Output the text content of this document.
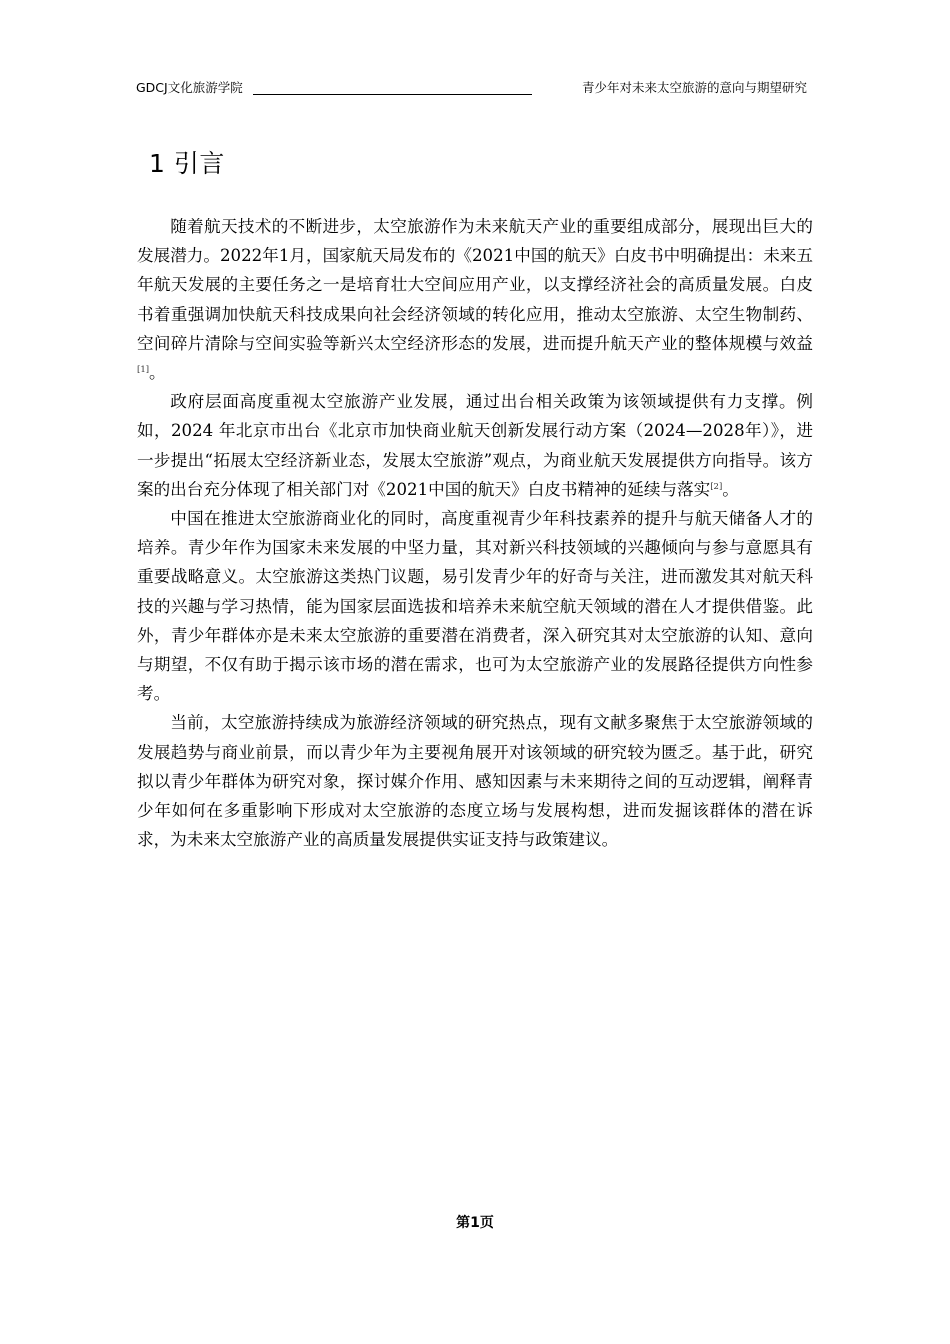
GDCJ文化旅游学院	青少年对未来太空旅游的意向与期望研究
1 引言

随着航天技术的不断进步，太空旅游作为未来航天产业的重要组成部分，展现出巨大的发展潜力。2022年1月，国家航天局发布的《2021中国的航天》白皮书中明确提出：未来五年航天发展的主要任务之一是培育壮大空间应用产业，以支撑经济社会的高质量发展。白皮书着重强调加快航天科技成果向社会经济领域的转化应用，推动太空旅游、太空生物制药、空间碎片清除与空间实验等新兴太空经济形态的发展，进而提升航天产业的整体规模与效益[1]。

政府层面高度重视太空旅游产业发展，通过出台相关政策为该领域提供有力支撑。例如，2024 年北京市出台《北京市加快商业航天创新发展行动方案（2024—2028年）》，进一步提出“拓展太空经济新业态，发展太空旅游”观点，为商业航天发展提供方向指导。该方案的出台充分体现了相关部门对《2021中国的航天》白皮书精神的延续与落实[2]。

中国在推进太空旅游商业化的同时，高度重视青少年科技素养的提升与航天储备人才的培养。青少年作为国家未来发展的中坚力量，其对新兴科技领域的兴趣倾向与参与意愿具有重要战略意义。太空旅游这类热门议题，易引发青少年的好奇与关注，进而激发其对航天科技的兴趣与学习热情，能为国家层面选拔和培养未来航空航天领域的潜在人才提供借鉴。此外，青少年群体亦是未来太空旅游的重要潜在消费者，深入研究其对太空旅游的认知、意向与期望，不仅有助于揭示该市场的潜在需求，也可为太空旅游产业的发展路径提供方向性参考。

当前，太空旅游持续成为旅游经济领域的研究热点，现有文献多聚焦于太空旅游领域的发展趋势与商业前景，而以青少年为主要视角展开对该领域的研究较为匮乏。基于此，研究拟以青少年群体为研究对象，探讨媒介作用、感知因素与未来期待之间的互动逻辑，阐释青少年如何在多重影响下形成对太空旅游的态度立场与发展构想，进而发掘该群体的潜在诉求，为未来太空旅游产业的高质量发展提供实证支持与政策建议。

第1页
